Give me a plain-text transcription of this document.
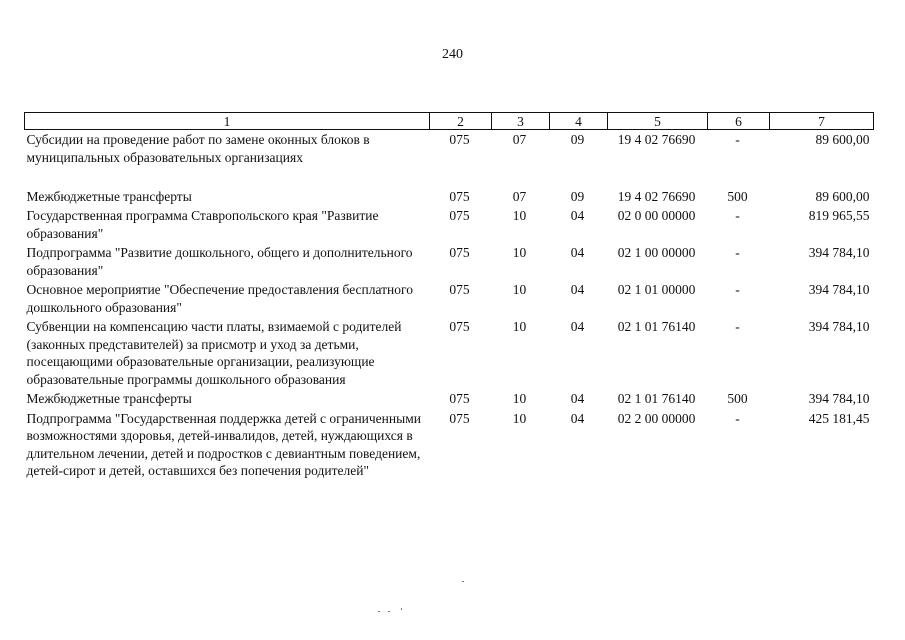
240
1	2	3	4	5	6	7
Субсидии на проведение работ по замене оконных блоков в муниципальных образовательных организациях	075	07	09	19 4 02 76690	-	89 600,00
Межбюджетные трансферты	075	07	09	19 4 02 76690	500	89 600,00
Государственная программа Ставропольского края "Развитие образования"	075	10	04	02 0 00 00000	-	819 965,55
Подпрограмма "Развитие дошкольного, общего и дополнительного образования"	075	10	04	02 1 00 00000	-	394 784,10
Основное мероприятие "Обеспечение предоставления бесплатного дошкольного образования"	075	10	04	02 1 01 00000	-	394 784,10
Субвенции на компенсацию части платы, взимаемой с родителей (законных представителей) за присмотр и уход за детьми, посещающими образовательные организации, реализующие образовательные программы дошкольного образования	075	10	04	02 1 01 76140	-	394 784,10
Межбюджетные трансферты	075	10	04	02 1 01 76140	500	394 784,10
Подпрограмма "Государственная поддержка детей с ограниченными возможностями здоровья, детей-инвалидов, детей, нуждающихся в длительном лечении, детей и подростков с девиантным поведением, детей-сирот и детей, оставшихся без попечения родителей"	075	10	04	02 2 00 00000	-	425 181,45
